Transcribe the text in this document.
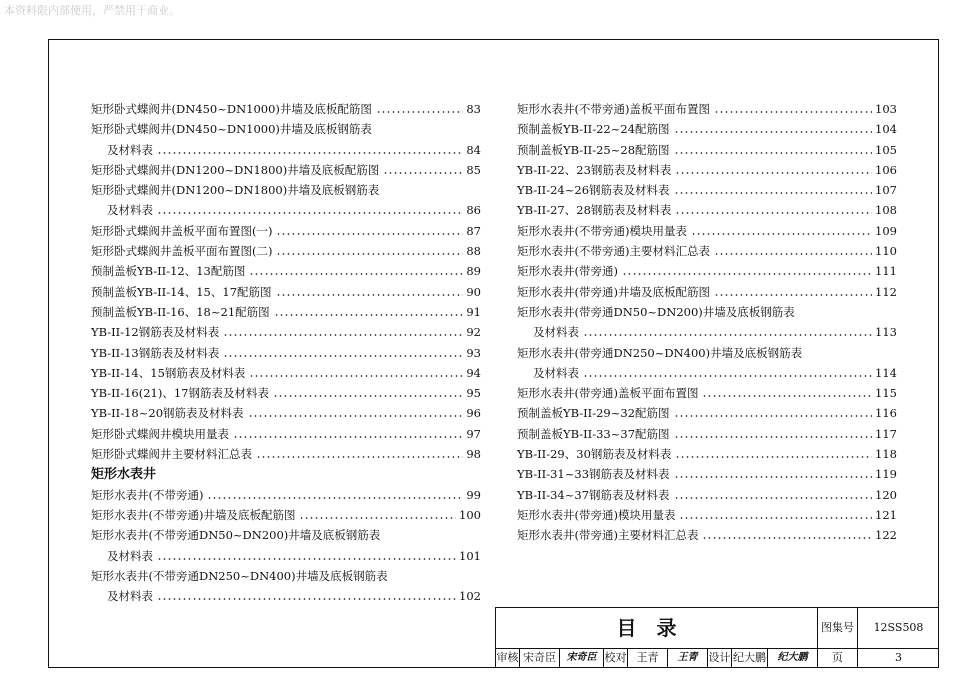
本资料限内部使用，严禁用于商业。
矩形卧式蝶阀井(DN450~DN1000)井墙及底板配筋图	83
矩形卧式蝶阀井(DN450~DN1000)井墙及底板钢筋表
及材料表	84
矩形卧式蝶阀井(DN1200~DN1800)井墙及底板配筋图	85
矩形卧式蝶阀井(DN1200~DN1800)井墙及底板钢筋表
及材料表	86
矩形卧式蝶阀井盖板平面布置图(一)	87
矩形卧式蝶阀井盖板平面布置图(二)	88
预制盖板YB-II-12、13配筋图	89
预制盖板YB-II-14、15、17配筋图	90
预制盖板YB-II-16、18~21配筋图	91
YB-II-12钢筋表及材料表	92
YB-II-13钢筋表及材料表	93
YB-II-14、15钢筋表及材料表	94
YB-II-16(21)、17钢筋表及材料表	95
YB-II-18~20钢筋表及材料表	96
矩形卧式蝶阀井模块用量表	97
矩形卧式蝶阀井主要材料汇总表	98
矩形水表井
矩形水表井(不带旁通)	99
矩形水表井(不带旁通)井墙及底板配筋图	100
矩形水表井(不带旁通DN50~DN200)井墙及底板钢筋表
及材料表	101
矩形水表井(不带旁通DN250~DN400)井墙及底板钢筋表
及材料表	102
矩形水表井(不带旁通)盖板平面布置图	103
预制盖板YB-II-22~24配筋图	104
预制盖板YB-II-25~28配筋图	105
YB-II-22、23钢筋表及材料表	106
YB-II-24~26钢筋表及材料表	107
YB-II-27、28钢筋表及材料表	108
矩形水表井(不带旁通)模块用量表	109
矩形水表井(不带旁通)主要材料汇总表	110
矩形水表井(带旁通)	111
矩形水表井(带旁通)井墙及底板配筋图	112
矩形水表井(带旁通DN50~DN200)井墙及底板钢筋表
及材料表	113
矩形水表井(带旁通DN250~DN400)井墙及底板钢筋表
及材料表	114
矩形水表井(带旁通)盖板平面布置图	115
预制盖板YB-II-29~32配筋图	116
预制盖板YB-II-33~37配筋图	117
YB-II-29、30钢筋表及材料表	118
YB-II-31~33钢筋表及材料表	119
YB-II-34~37钢筋表及材料表	120
矩形水表井(带旁通)模块用量表	121
矩形水表井(带旁通)主要材料汇总表	122
目录	图集号	12SS508
审核 宋奇臣	宋奇臣 校对 王青	王青	设计 纪大鹏	纪大鹏	页	3
